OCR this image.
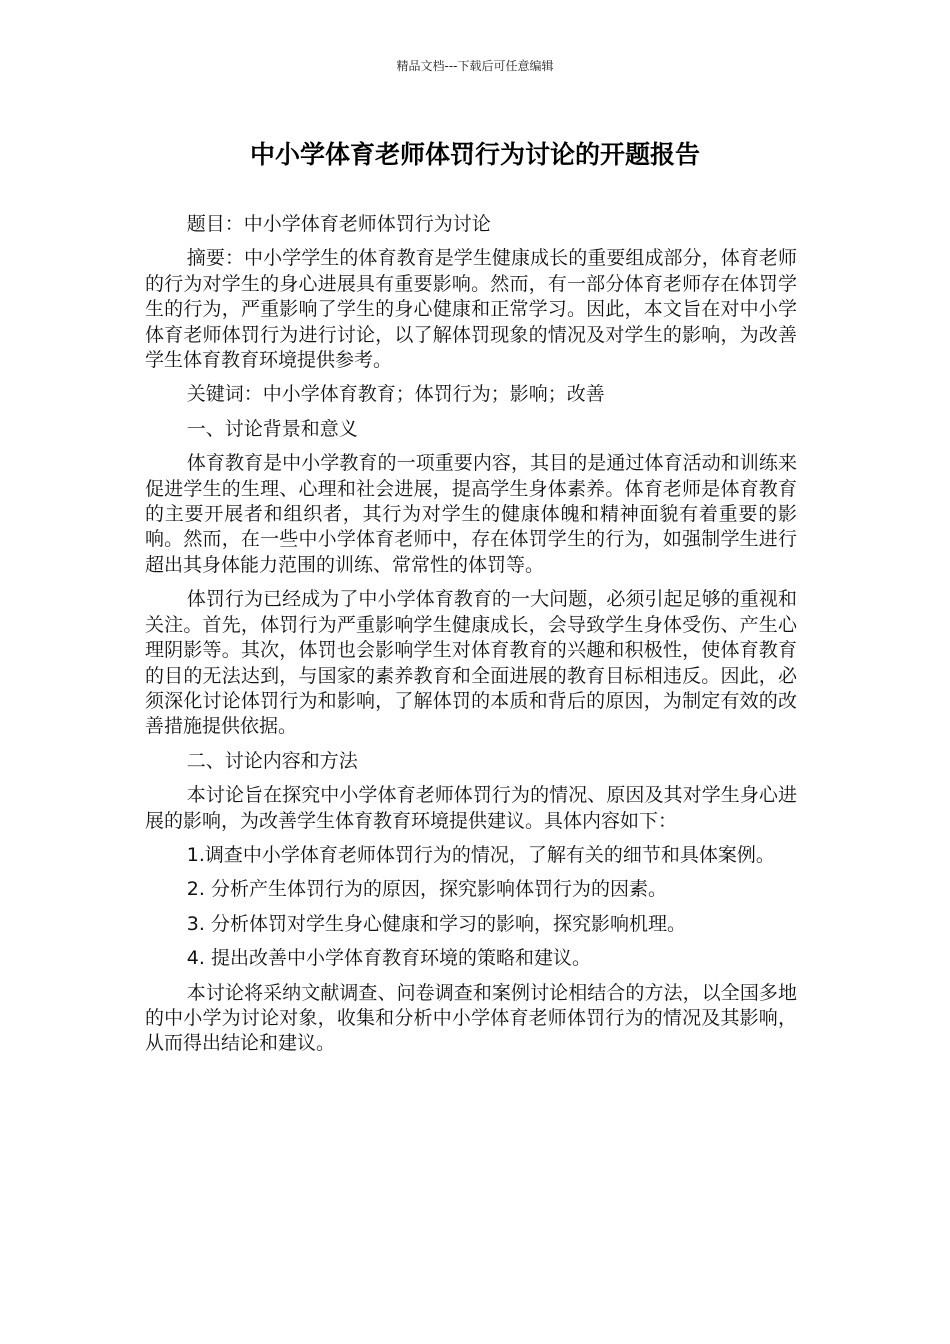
精品文档---下载后可任意编辑
中小学体育老师体罚行为讨论的开题报告

题目：中小学体育老师体罚行为讨论

摘要：中小学学生的体育教育是学生健康成长的重要组成部分，体育老师的行为对学生的身心进展具有重要影响。然而，有一部分体育老师存在体罚学生的行为，严重影响了学生的身心健康和正常学习。因此，本文旨在对中小学体育老师体罚行为进行讨论，以了解体罚现象的情况及对学生的影响，为改善学生体育教育环境提供参考。

关键词：中小学体育教育；体罚行为；影响；改善

一、讨论背景和意义

体育教育是中小学教育的一项重要内容，其目的是通过体育活动和训练来促进学生的生理、心理和社会进展，提高学生身体素养。体育老师是体育教育的主要开展者和组织者，其行为对学生的健康体魄和精神面貌有着重要的影响。然而，在一些中小学体育老师中，存在体罚学生的行为，如强制学生进行超出其身体能力范围的训练、常常性的体罚等。

体罚行为已经成为了中小学体育教育的一大问题，必须引起足够的重视和关注。首先，体罚行为严重影响学生健康成长，会导致学生身体受伤、产生心理阴影等。其次，体罚也会影响学生对体育教育的兴趣和积极性，使体育教育的目的无法达到，与国家的素养教育和全面进展的教育目标相违反。因此，必须深化讨论体罚行为和影响，了解体罚的本质和背后的原因，为制定有效的改善措施提供依据。

二、讨论内容和方法

本讨论旨在探究中小学体育老师体罚行为的情况、原因及其对学生身心进展的影响，为改善学生体育教育环境提供建议。具体内容如下：

1.调查中小学体育老师体罚行为的情况，了解有关的细节和具体案例。

2. 分析产生体罚行为的原因，探究影响体罚行为的因素。

3. 分析体罚对学生身心健康和学习的影响，探究影响机理。

4. 提出改善中小学体育教育环境的策略和建议。

本讨论将采纳文献调查、问卷调查和案例讨论相结合的方法，以全国多地的中小学为讨论对象，收集和分析中小学体育老师体罚行为的情况及其影响，从而得出结论和建议。
